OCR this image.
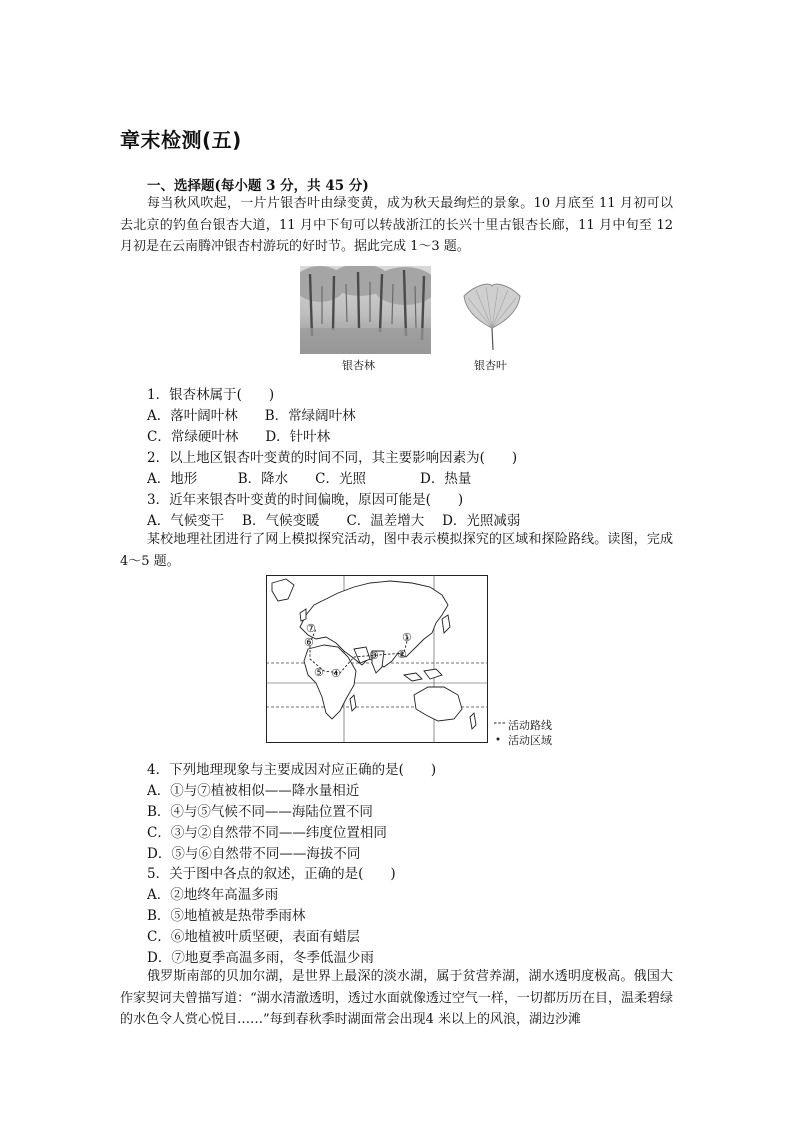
章末检测(五)
一、选择题(每小题 3 分，共 45 分)
每当秋风吹起，一片片银杏叶由绿变黄，成为秋天最绚烂的景象。10 月底至 11 月初可以去北京的钓鱼台银杏大道，11 月中下旬可以转战浙江的长兴十里古银杏长廊，11 月中旬至 12 月初是在云南腾冲银杏村游玩的好时节。据此完成 1～3 题。
银杏林	银杏叶
1．银杏林属于(　　)
A．落叶阔叶林　　B．常绿阔叶林
C．常绿硬叶林　　D．针叶林
2．以上地区银杏叶变黄的时间不同，其主要影响因素为(　　)
A．地形　　　B．降水　　C．光照　　　　D．热量
3．近年来银杏叶变黄的时间偏晚，原因可能是(　　)
A．气候变干　 B．气候变暖　　C．温差增大　 D．光照减弱
某校地理社团进行了网上模拟探究活动，图中表示模拟探究的区域和探险路线。读图，完成 4～5 题。
①
②
③
④
⑤
⑥
⑦
活动路线
活动区域
4．下列地理现象与主要成因对应正确的是(　　)
A．①与⑦植被相似——降水量相近
B．④与⑤气候不同——海陆位置不同
C．③与②自然带不同——纬度位置相同
D．⑤与⑥自然带不同——海拔不同
5．关于图中各点的叙述，正确的是(　　)
A．②地终年高温多雨
B．⑤地植被是热带季雨林
C．⑥地植被叶质坚硬，表面有蜡层
D．⑦地夏季高温多雨，冬季低温少雨
俄罗斯南部的贝加尔湖，是世界上最深的淡水湖，属于贫营养湖，湖水透明度极高。俄国大作家契诃夫曾描写道：“湖水清澈透明，透过水面就像透过空气一样，一切都历历在目，温柔碧绿的水色令人赏心悦目……”每到春秋季时湖面常会出现4 米以上的风浪，湖边沙滩
